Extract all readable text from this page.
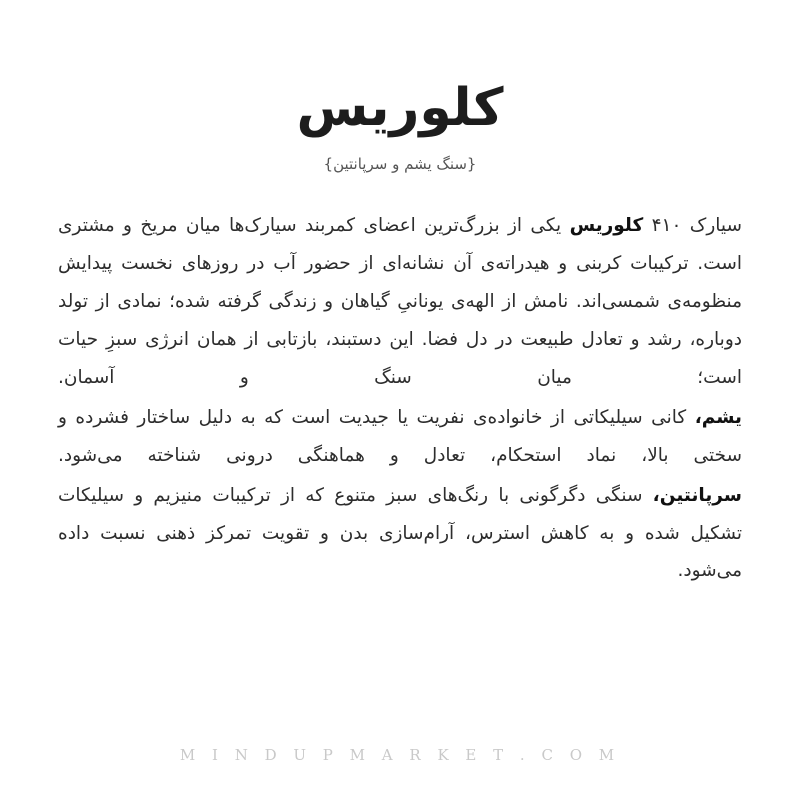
کلوریس
{سنگ یشم و سرپانتین}

سیارک ۴۱۰ کلوریس یکی از بزرگ‌ترین اعضای کمربند سیارک‌ها میان مریخ و مشتری است. ترکیبات کربنی و هیدراته‌ی آن نشانه‌ای از حضور آب در روزهای نخست پیدایش منظومه‌ی شمسی‌اند. نامش از الهه‌ی یونانیِ گیاهان و زندگی گرفته شده؛ نمادی از تولد دوباره، رشد و تعادل طبیعت در دل فضا. این دستبند، بازتابی از همان انرژی سبزِ حیات است؛ میان سنگ و آسمان.

یشم، کانی سیلیکاتی از خانواده‌ی نفریت یا جیدیت است که به دلیل ساختار فشرده و سختی بالا، نماد استحکام، تعادل و هماهنگی درونی شناخته می‌شود.

سرپانتین، سنگی دگرگونی با رنگ‌های سبز متنوع که از ترکیبات منیزیم و سیلیکات تشکیل شده و به کاهش استرس، آرام‌سازی بدن و تقویت تمرکز ذهنی نسبت داده می‌شود.

M I N D U P M A R K E T . C O M
